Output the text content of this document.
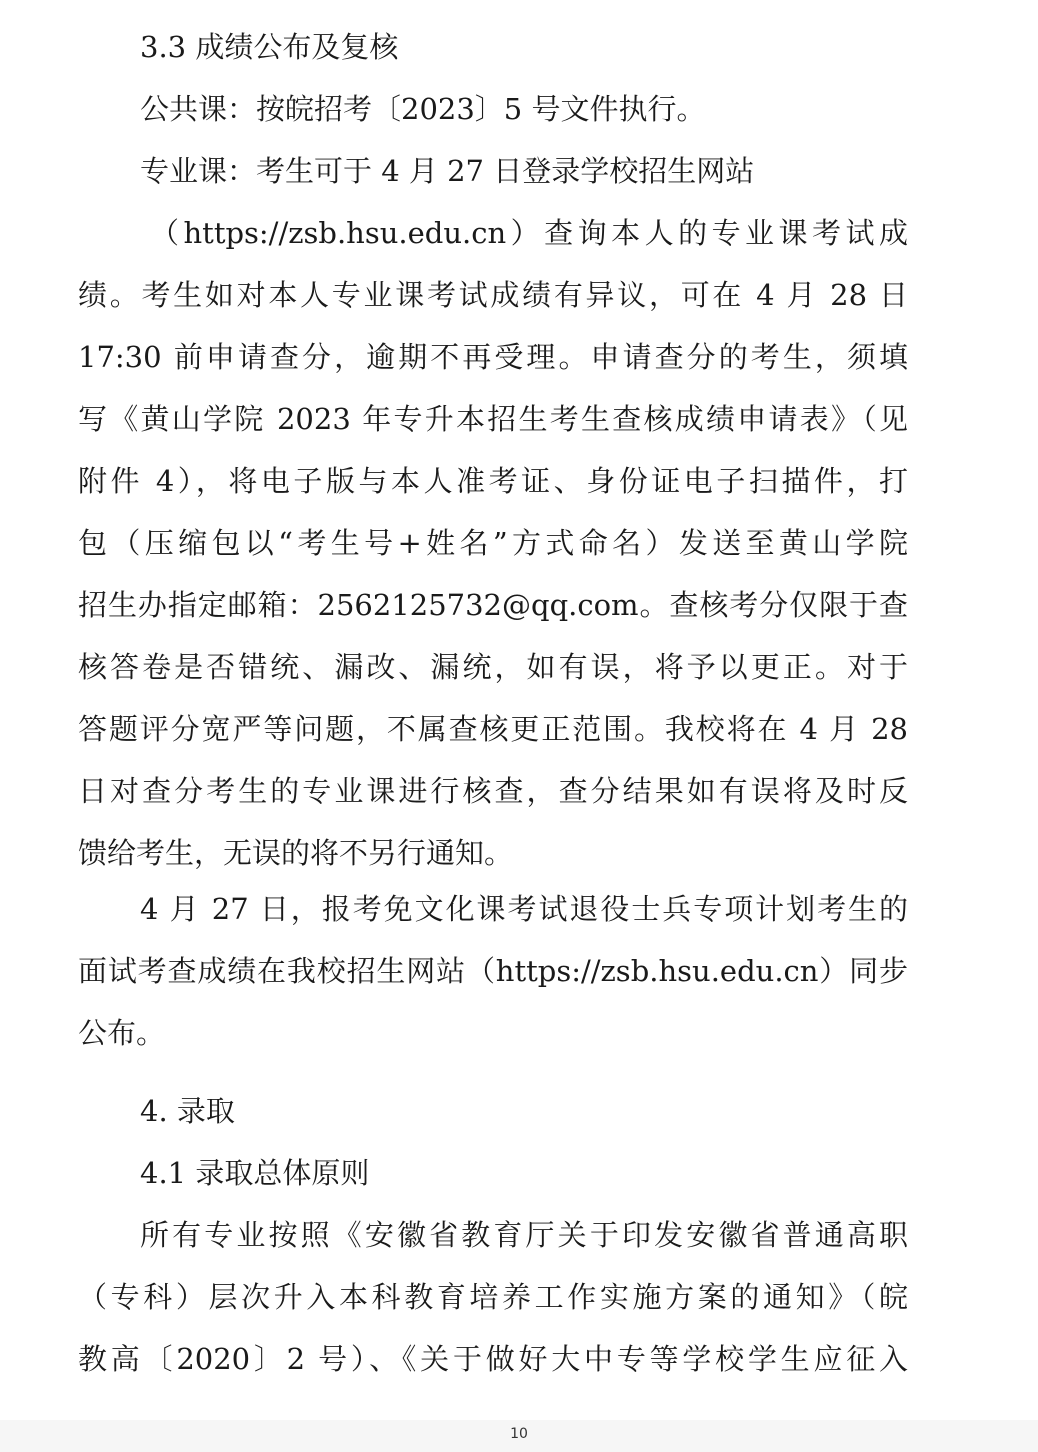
3.3 成绩公布及复核
公共课：按皖招考〔2023〕5 号文件执行。
专业课：考生可于 4 月 27 日登录学校招生网站
（https://zsb.hsu.edu.cn）查询本人的专业课考试成
绩。考生如对本人专业课考试成绩有异议，可在 4 月 28 日
17:30 前申请查分，逾期不再受理。申请查分的考生，须填
写《黄山学院 2023 年专升本招生考生查核成绩申请表》（见
附件 4），将电子版与本人准考证、身份证电子扫描件，打
包（压缩包以“考生号+姓名”方式命名）发送至黄山学院
招生办指定邮箱：2562125732@qq.com。查核考分仅限于查
核答卷是否错统、漏改、漏统，如有误，将予以更正。对于
答题评分宽严等问题，不属查核更正范围。我校将在 4 月 28
日对查分考生的专业课进行核查，查分结果如有误将及时反
馈给考生，无误的将不另行通知。
4 月 27 日，报考免文化课考试退役士兵专项计划考生的
面试考查成绩在我校招生网站（https://zsb.hsu.edu.cn）同步
公布。
4. 录取
4.1 录取总体原则
所有专业按照《安徽省教育厅关于印发安徽省普通高职
（专科）层次升入本科教育培养工作实施方案的通知》（皖
教高〔2020〕2 号）、《关于做好大中专等学校学生应征入
10
